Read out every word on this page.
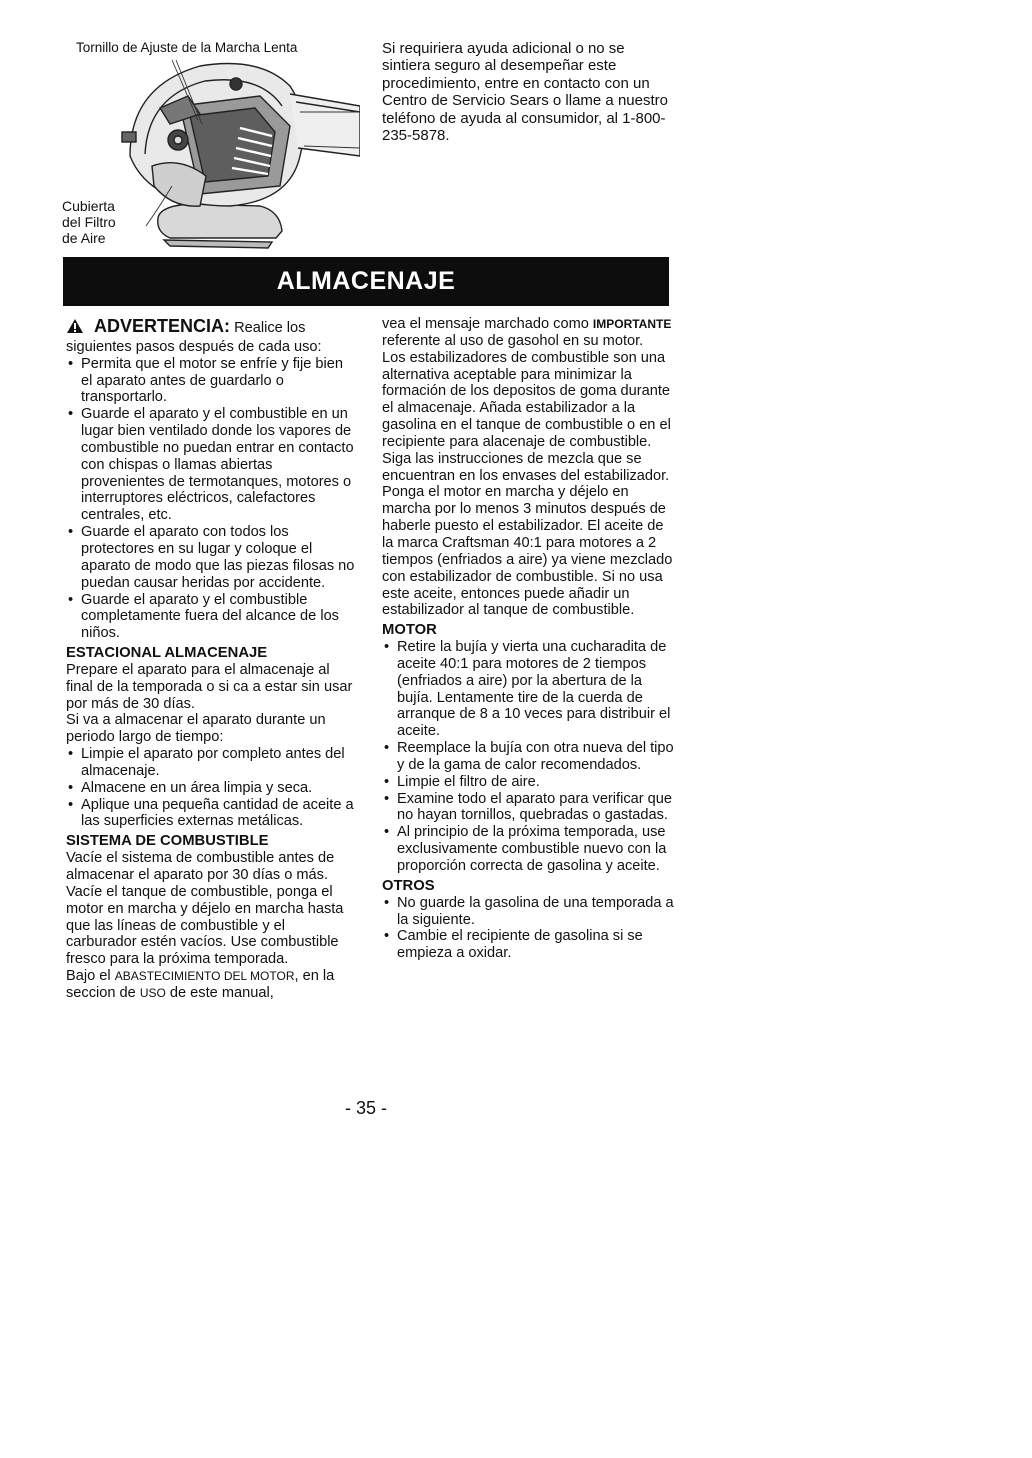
Tornillo de Ajuste de la Marcha Lenta
Cubierta
del Filtro
de Aire
Si requiriera ayuda adicional o no se sintiera seguro al desempeñar este procedimiento, entre en contacto con un Centro de Servicio Sears o llame a nuestro teléfono de ayuda al consumidor, al 1-800-235-5878.
ALMACENAJE

ADVERTENCIA: Realice los siguientes pasos después de cada uso:

• Permita que el motor se enfríe y fije bien el aparato antes de guardarlo o transportarlo.
• Guarde el aparato y el combustible en un lugar bien ventilado donde los vapores de combustible no puedan entrar en contacto con chispas o llamas abiertas provenientes de termotanques, motores o interruptores eléctricos, calefactores centrales, etc.
• Guarde el aparato con todos los protectores en su lugar y coloque el aparato de modo que las piezas filosas no puedan causar heridas por accidente.
• Guarde el aparato y el combustible completamente fuera del alcance de los niños.
ESTACIONAL ALMACENAJE

Prepare el aparato para el almacenaje al final de la temporada o si ca a estar sin usar por más de 30 días.

Si va a almacenar el aparato durante un periodo largo de tiempo:

• Limpie el aparato por completo antes del almacenaje.
• Almacene en un área limpia y seca.
• Aplique una pequeña cantidad de aceite a las superficies externas metálicas.
SISTEMA DE COMBUSTIBLE

Vacíe el sistema de combustible antes de almacenar el aparato por 30 días o más. Vacíe el tanque de combustible, ponga el motor en marcha y déjelo en marcha hasta que las líneas de combustible y el carburador estén vacíos. Use combustible fresco para la próxima temporada.

Bajo el ABASTECIMIENTO DEL MOTOR, en la seccion de USO de este manual,

vea el mensaje marchado como IMPORTANTE referente al uso de gasohol en su motor.

Los estabilizadores de combustible son una alternativa aceptable para minimizar la formación de los depositos de goma durante el almacenaje. Añada estabilizador a la gasolina en el tanque de combustible o en el recipiente para alacenaje de combustible. Siga las instrucciones de mezcla que se encuentran en los envases del estabilizador. Ponga el motor en marcha y déjelo en marcha por lo menos 3 minutos después de haberle puesto el estabilizador. El aceite de la marca Craftsman 40:1 para motores a 2 tiempos (enfriados a aire) ya viene mezclado con estabilizador de combustible. Si no usa este aceite, entonces puede añadir un estabilizador al tanque de combustible.

MOTOR
• Retire la bujía y vierta una cucharadita de aceite 40:1 para motores de 2 tiempos (enfriados a aire) por la abertura de la bujía. Lentamente tire de la cuerda de arranque de 8 a 10 veces para distribuir el aceite.
• Reemplace la bujía con otra nueva del tipo y de la gama de calor recomendados.
• Limpie el filtro de aire.
• Examine todo el aparato para verificar que no hayan tornillos, quebradas o gastadas.
• Al principio de la próxima temporada, use exclusivamente combustible nuevo con la proporción correcta de gasolina y aceite.
OTROS
• No guarde la gasolina de una temporada a la siguiente.
• Cambie el recipiente de gasolina si se empieza a oxidar.
- 35 -
